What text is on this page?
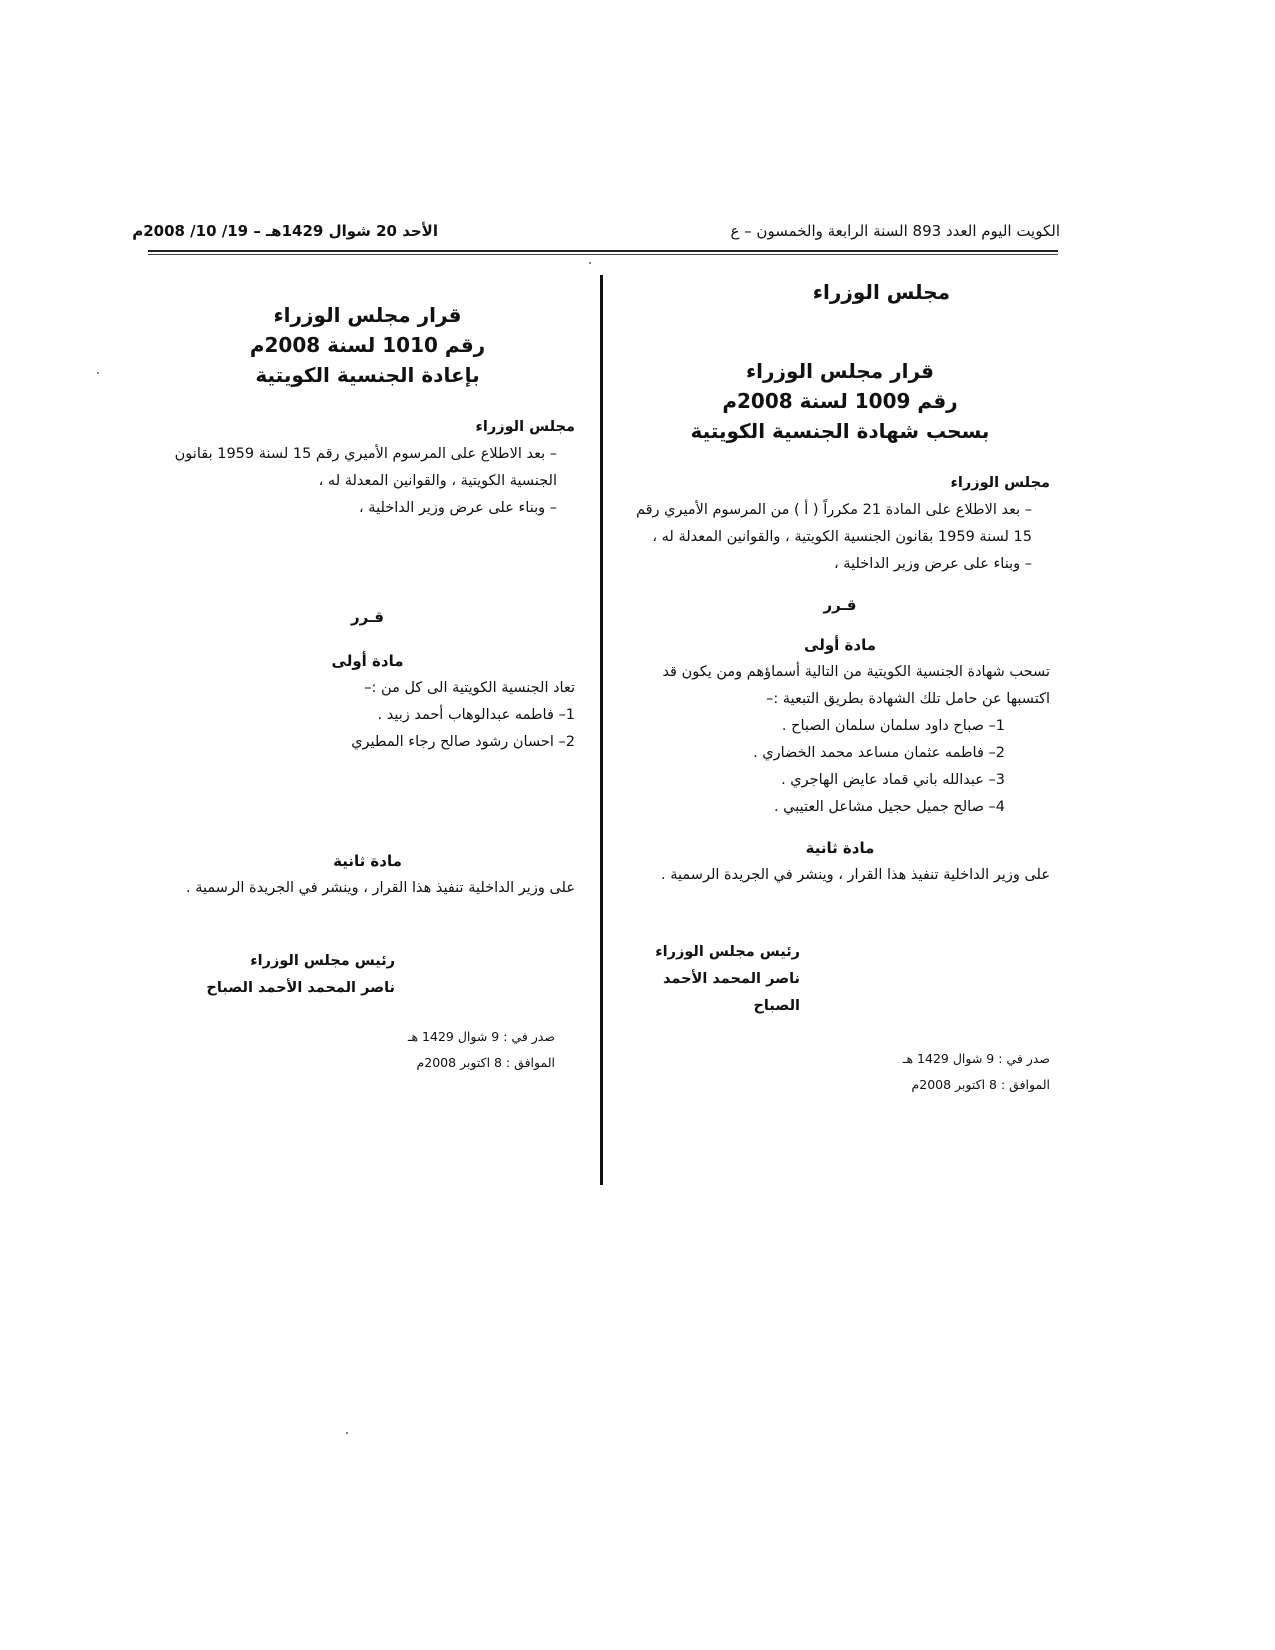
الكويت اليوم العدد 893 السنة الرابعة والخمسون – ع
الأحد 20 شوال 1429هـ – 19/ 10/ 2008م
مجلس الوزراء

قرار مجلس الوزراء

رقم 1009 لسنة 2008م

بسحب شهادة الجنسية الكويتية

مجلس الوزراء

– بعد الاطلاع على المادة 21 مكرراً ( أ ) من المرسوم الأميري رقم 15 لسنة 1959 بقانون الجنسية الكويتية ، والقوانين المعدلة له ،

– وبناء على عرض وزير الداخلية ،

قـرر

مادة أولى

تسحب شهادة الجنسية الكويتية من التالية أسماؤهم ومن يكون قد اكتسبها عن حامل تلك الشهادة بطريق التبعية :–

1– صباح داود سلمان سلمان الصباح .

2– فاطمه عثمان مساعد محمد الخضاري .

3– عبدالله باني قماد عايض الهاجري .

4– صالح جميل حجيل مشاعل العتيبي .

مادة ثانية

على وزير الداخلية تنفيذ هذا القرار ، وينشر في الجريدة الرسمية .

رئيس مجلس الوزراء

ناصر المحمد الأحمد الصباح

صدر في : 9 شوال 1429 هـ

الموافق : 8 اكتوبر 2008م

قرار مجلس الوزراء

رقم 1010 لسنة 2008م

بإعادة الجنسية الكويتية

مجلس الوزراء

– بعد الاطلاع على المرسوم الأميري رقم 15 لسنة 1959 بقانون الجنسية الكويتية ، والقوانين المعدلة له ،

– وبناء على عرض وزير الداخلية ،

قـرر

مادة أولى

تعاد الجنسية الكويتية الى كل من :–

1– فاطمه عبدالوهاب أحمد زبيد .

2– احسان رشود صالح رجاء المطيري

مادة ثانية

على وزير الداخلية تنفيذ هذا القرار ، وينشر في الجريدة الرسمية .

رئيس مجلس الوزراء

ناصر المحمد الأحمد الصباح

صدر في : 9 شوال 1429 هـ

الموافق : 8 اكتوبر 2008م
